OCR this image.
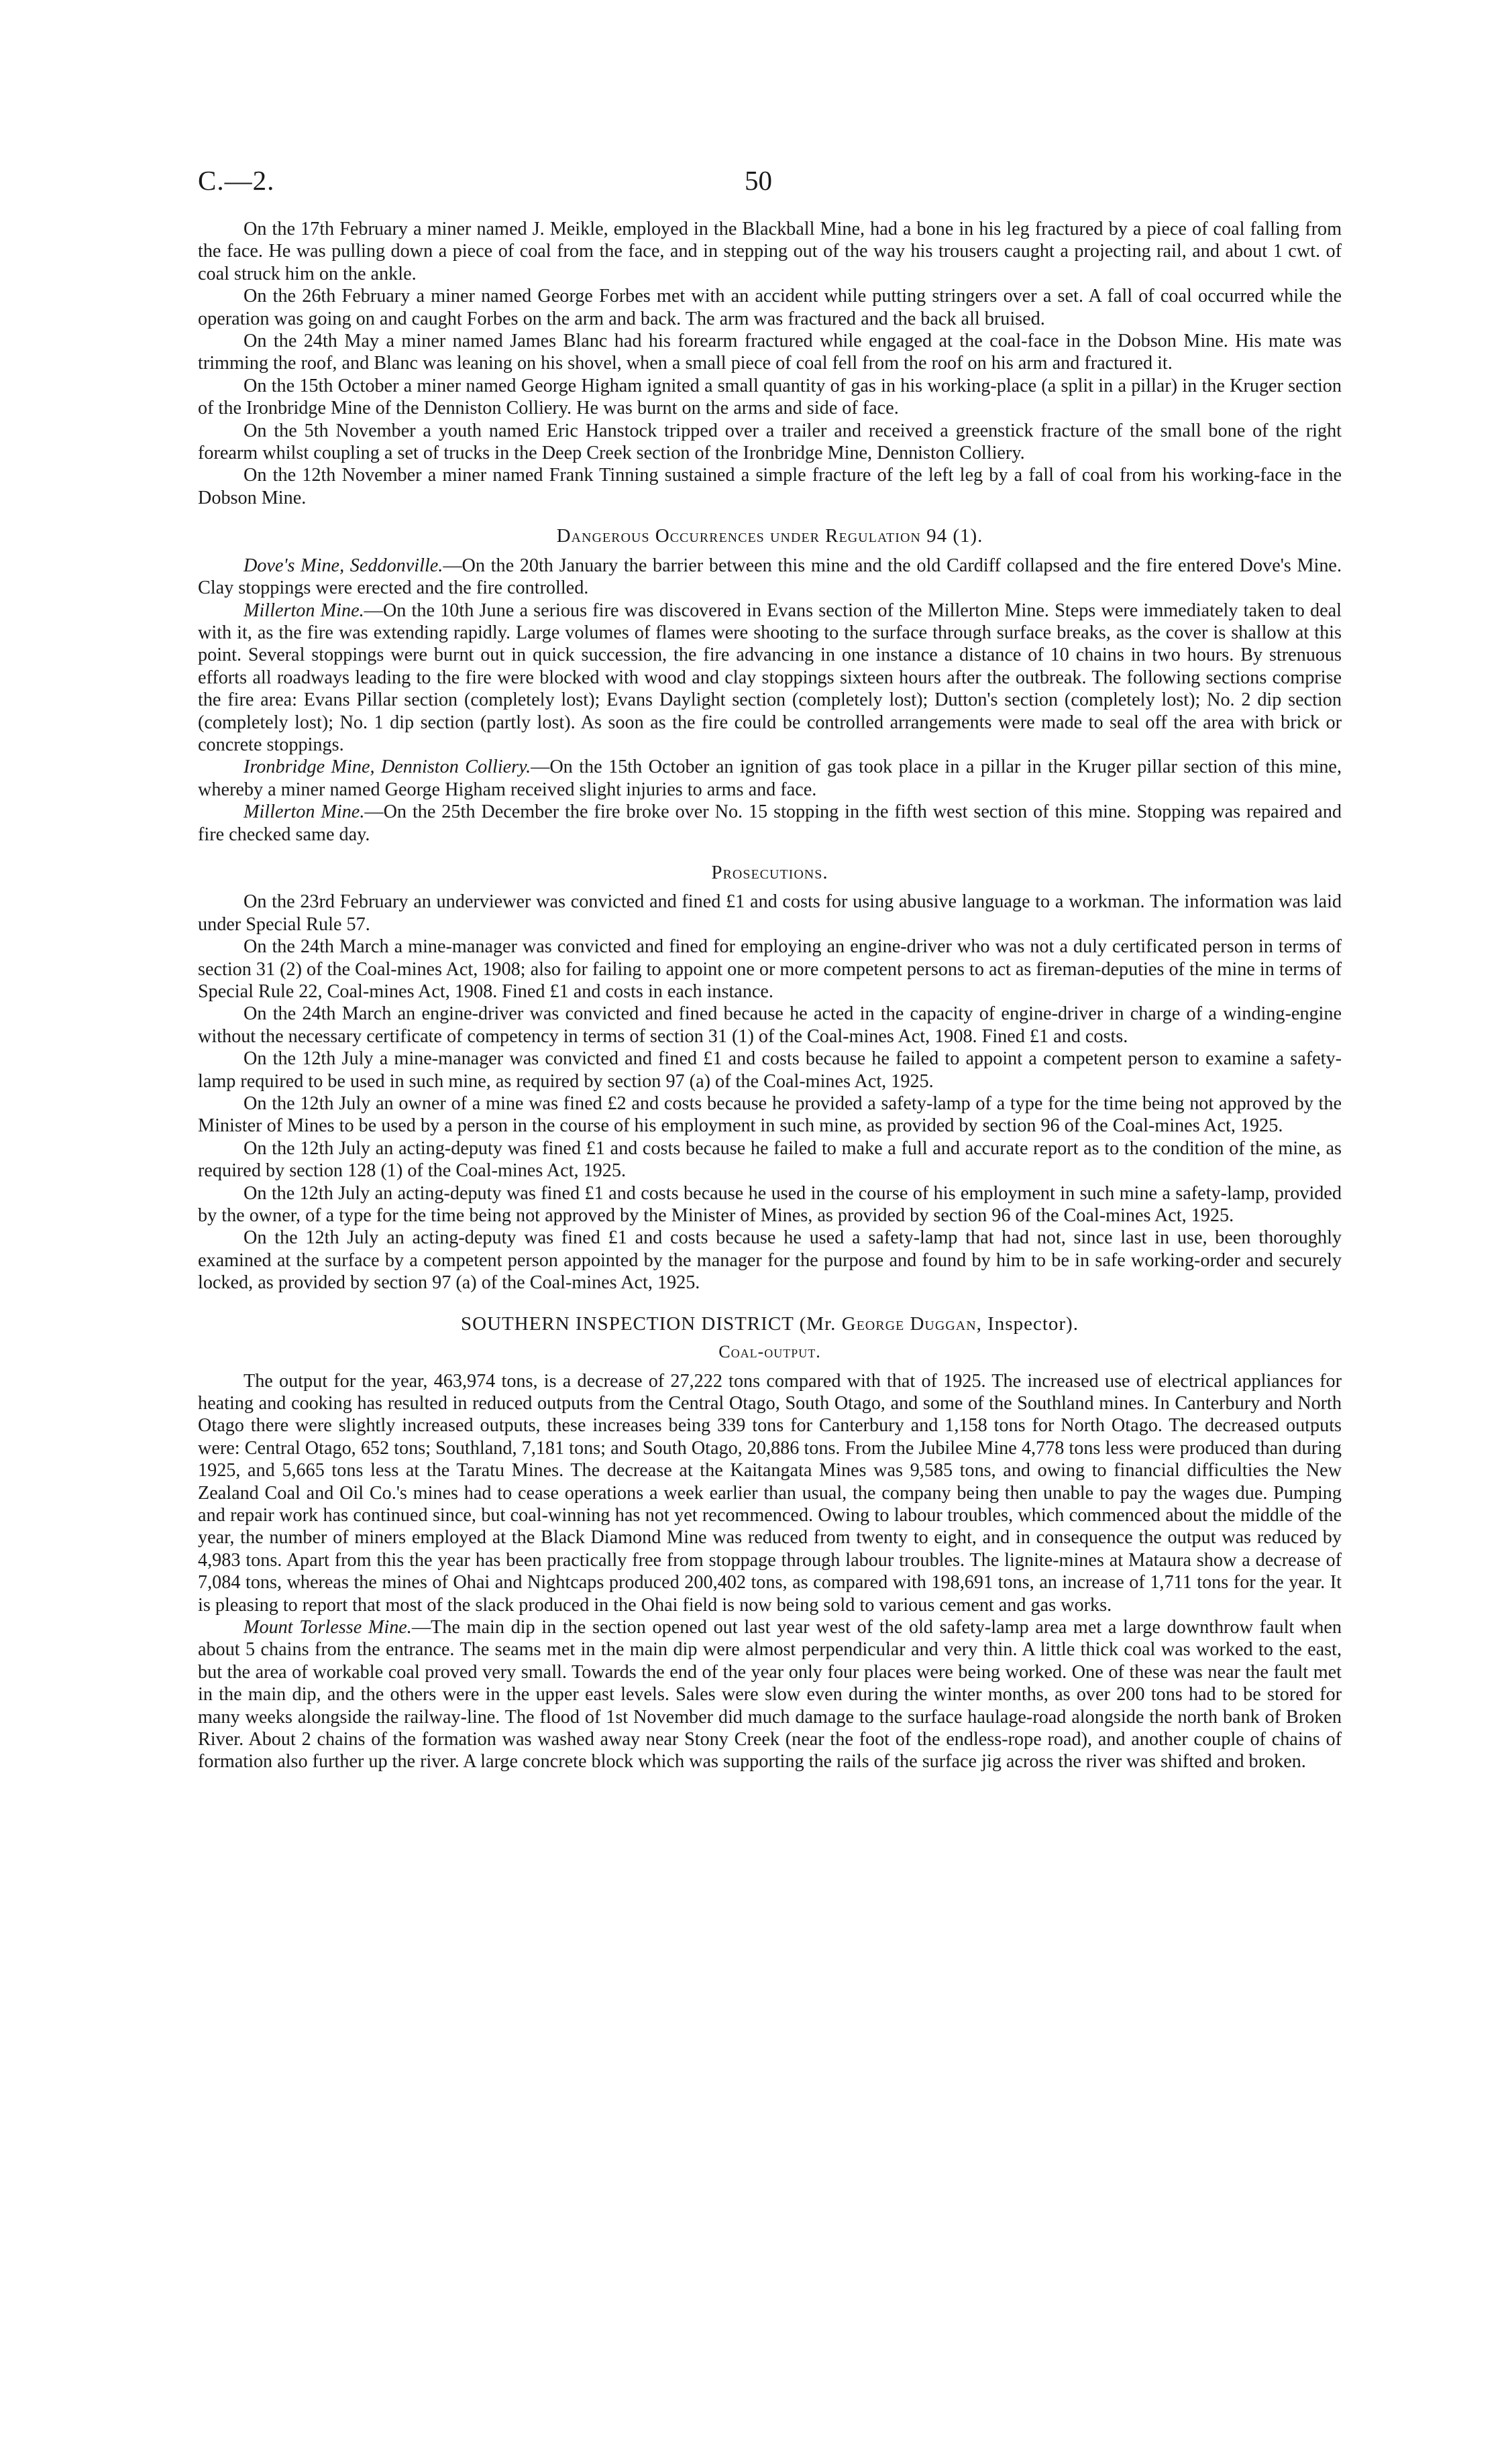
C.—2.	50

On the 17th February a miner named J. Meikle, employed in the Blackball Mine, had a bone in his leg fractured by a piece of coal falling from the face. He was pulling down a piece of coal from the face, and in stepping out of the way his trousers caught a projecting rail, and about 1 cwt. of coal struck him on the ankle.

On the 26th February a miner named George Forbes met with an accident while putting stringers over a set. A fall of coal occurred while the operation was going on and caught Forbes on the arm and back. The arm was fractured and the back all bruised.

On the 24th May a miner named James Blanc had his forearm fractured while engaged at the coal-face in the Dobson Mine. His mate was trimming the roof, and Blanc was leaning on his shovel, when a small piece of coal fell from the roof on his arm and fractured it.

On the 15th October a miner named George Higham ignited a small quantity of gas in his working-place (a split in a pillar) in the Kruger section of the Ironbridge Mine of the Denniston Colliery. He was burnt on the arms and side of face.

On the 5th November a youth named Eric Hanstock tripped over a trailer and received a greenstick fracture of the small bone of the right forearm whilst coupling a set of trucks in the Deep Creek section of the Ironbridge Mine, Denniston Colliery.

On the 12th November a miner named Frank Tinning sustained a simple fracture of the left leg by a fall of coal from his working-face in the Dobson Mine.

Dangerous Occurrences under Regulation 94 (1).

Dove's Mine, Seddonville.—On the 20th January the barrier between this mine and the old Cardiff collapsed and the fire entered Dove's Mine. Clay stoppings were erected and the fire controlled.

Millerton Mine.—On the 10th June a serious fire was discovered in Evans section of the Millerton Mine. Steps were immediately taken to deal with it, as the fire was extending rapidly. Large volumes of flames were shooting to the surface through surface breaks, as the cover is shallow at this point. Several stoppings were burnt out in quick succession, the fire advancing in one instance a distance of 10 chains in two hours. By strenuous efforts all roadways leading to the fire were blocked with wood and clay stoppings sixteen hours after the outbreak. The following sections comprise the fire area: Evans Pillar section (completely lost); Evans Daylight section (completely lost); Dutton's section (completely lost); No. 2 dip section (completely lost); No. 1 dip section (partly lost). As soon as the fire could be controlled arrangements were made to seal off the area with brick or concrete stoppings.

Ironbridge Mine, Denniston Colliery.—On the 15th October an ignition of gas took place in a pillar in the Kruger pillar section of this mine, whereby a miner named George Higham received slight injuries to arms and face.

Millerton Mine.—On the 25th December the fire broke over No. 15 stopping in the fifth west section of this mine. Stopping was repaired and fire checked same day.

Prosecutions.

On the 23rd February an underviewer was convicted and fined £1 and costs for using abusive language to a workman. The information was laid under Special Rule 57.

On the 24th March a mine-manager was convicted and fined for employing an engine-driver who was not a duly certificated person in terms of section 31 (2) of the Coal-mines Act, 1908; also for failing to appoint one or more competent persons to act as fireman-deputies of the mine in terms of Special Rule 22, Coal-mines Act, 1908. Fined £1 and costs in each instance.

On the 24th March an engine-driver was convicted and fined because he acted in the capacity of engine-driver in charge of a winding-engine without the necessary certificate of competency in terms of section 31 (1) of the Coal-mines Act, 1908. Fined £1 and costs.

On the 12th July a mine-manager was convicted and fined £1 and costs because he failed to appoint a competent person to examine a safety-lamp required to be used in such mine, as required by section 97 (a) of the Coal-mines Act, 1925.

On the 12th July an owner of a mine was fined £2 and costs because he provided a safety-lamp of a type for the time being not approved by the Minister of Mines to be used by a person in the course of his employment in such mine, as provided by section 96 of the Coal-mines Act, 1925.

On the 12th July an acting-deputy was fined £1 and costs because he failed to make a full and accurate report as to the condition of the mine, as required by section 128 (1) of the Coal-mines Act, 1925.

On the 12th July an acting-deputy was fined £1 and costs because he used in the course of his employment in such mine a safety-lamp, provided by the owner, of a type for the time being not approved by the Minister of Mines, as provided by section 96 of the Coal-mines Act, 1925.

On the 12th July an acting-deputy was fined £1 and costs because he used a safety-lamp that had not, since last in use, been thoroughly examined at the surface by a competent person appointed by the manager for the purpose and found by him to be in safe working-order and securely locked, as provided by section 97 (a) of the Coal-mines Act, 1925.

SOUTHERN INSPECTION DISTRICT (Mr. George Duggan, Inspector).
Coal-output.

The output for the year, 463,974 tons, is a decrease of 27,222 tons compared with that of 1925. The increased use of electrical appliances for heating and cooking has resulted in reduced outputs from the Central Otago, South Otago, and some of the Southland mines. In Canterbury and North Otago there were slightly increased outputs, these increases being 339 tons for Canterbury and 1,158 tons for North Otago. The decreased outputs were: Central Otago, 652 tons; Southland, 7,181 tons; and South Otago, 20,886 tons. From the Jubilee Mine 4,778 tons less were produced than during 1925, and 5,665 tons less at the Taratu Mines. The decrease at the Kaitangata Mines was 9,585 tons, and owing to financial difficulties the New Zealand Coal and Oil Co.'s mines had to cease operations a week earlier than usual, the company being then unable to pay the wages due. Pumping and repair work has continued since, but coal-winning has not yet recommenced. Owing to labour troubles, which commenced about the middle of the year, the number of miners employed at the Black Diamond Mine was reduced from twenty to eight, and in consequence the output was reduced by 4,983 tons. Apart from this the year has been practically free from stoppage through labour troubles. The lignite-mines at Mataura show a decrease of 7,084 tons, whereas the mines of Ohai and Nightcaps produced 200,402 tons, as compared with 198,691 tons, an increase of 1,711 tons for the year. It is pleasing to report that most of the slack produced in the Ohai field is now being sold to various cement and gas works.

Mount Torlesse Mine.—The main dip in the section opened out last year west of the old safety-lamp area met a large downthrow fault when about 5 chains from the entrance. The seams met in the main dip were almost perpendicular and very thin. A little thick coal was worked to the east, but the area of workable coal proved very small. Towards the end of the year only four places were being worked. One of these was near the fault met in the main dip, and the others were in the upper east levels. Sales were slow even during the winter months, as over 200 tons had to be stored for many weeks alongside the railway-line. The flood of 1st November did much damage to the surface haulage-road alongside the north bank of Broken River. About 2 chains of the formation was washed away near Stony Creek (near the foot of the endless-rope road), and another couple of chains of formation also further up the river. A large concrete block which was supporting the rails of the surface jig across the river was shifted and broken.
